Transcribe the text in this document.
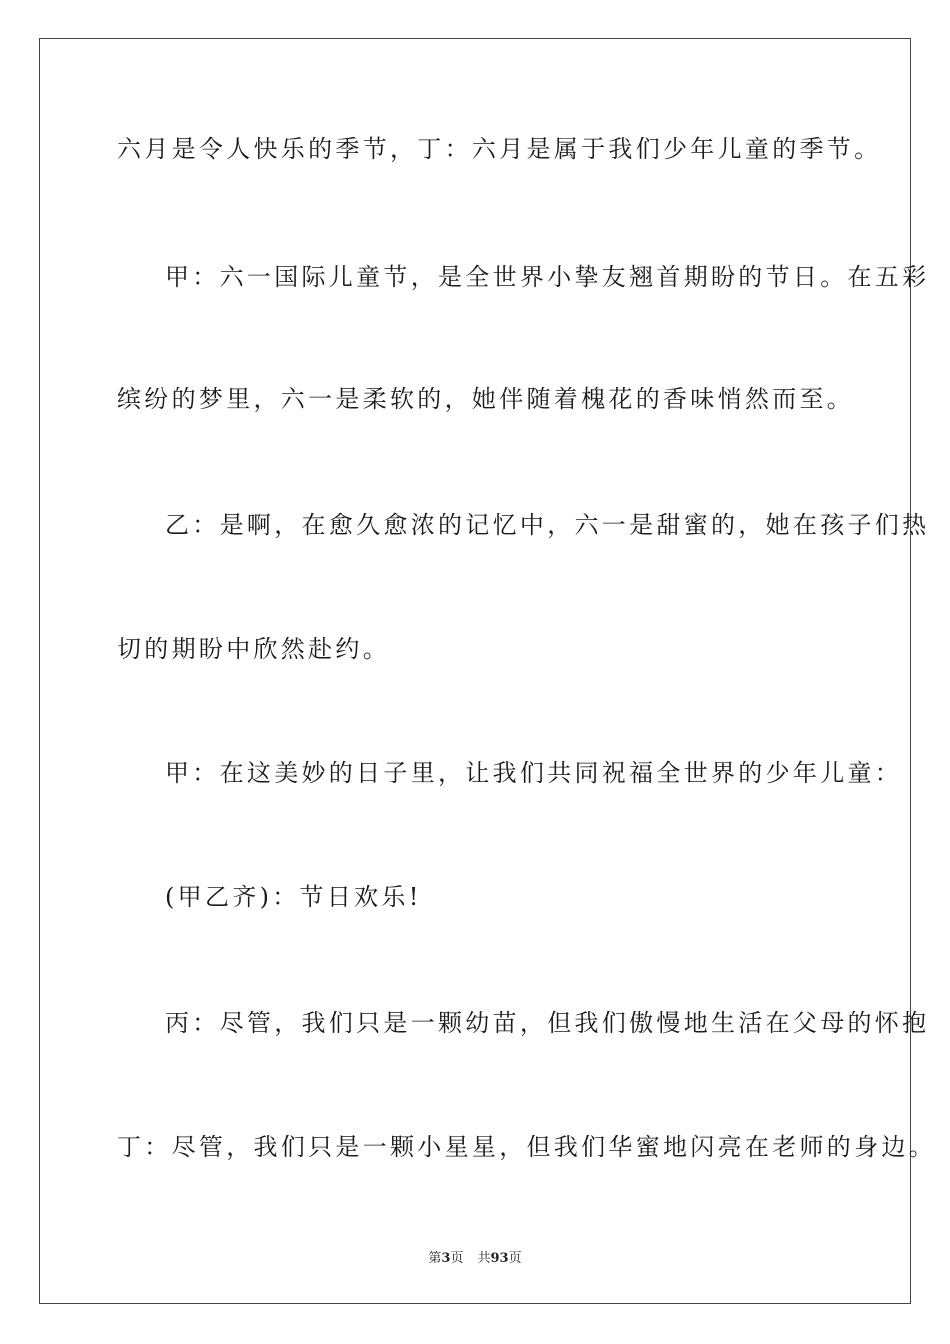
六月是令人快乐的季节，丁：六月是属于我们少年儿童的季节。
甲：六一国际儿童节，是全世界小挚友翘首期盼的节日。在五彩
缤纷的梦里，六一是柔软的，她伴随着槐花的香味悄然而至。
乙：是啊，在愈久愈浓的记忆中，六一是甜蜜的，她在孩子们热
切的期盼中欣然赴约。
甲：在这美妙的日子里，让我们共同祝福全世界的少年儿童：
(甲乙齐)：节日欢乐!
丙：尽管，我们只是一颗幼苗，但我们傲慢地生活在父母的怀抱
丁：尽管，我们只是一颗小星星，但我们华蜜地闪亮在老师的身边。
第3页 共93页
